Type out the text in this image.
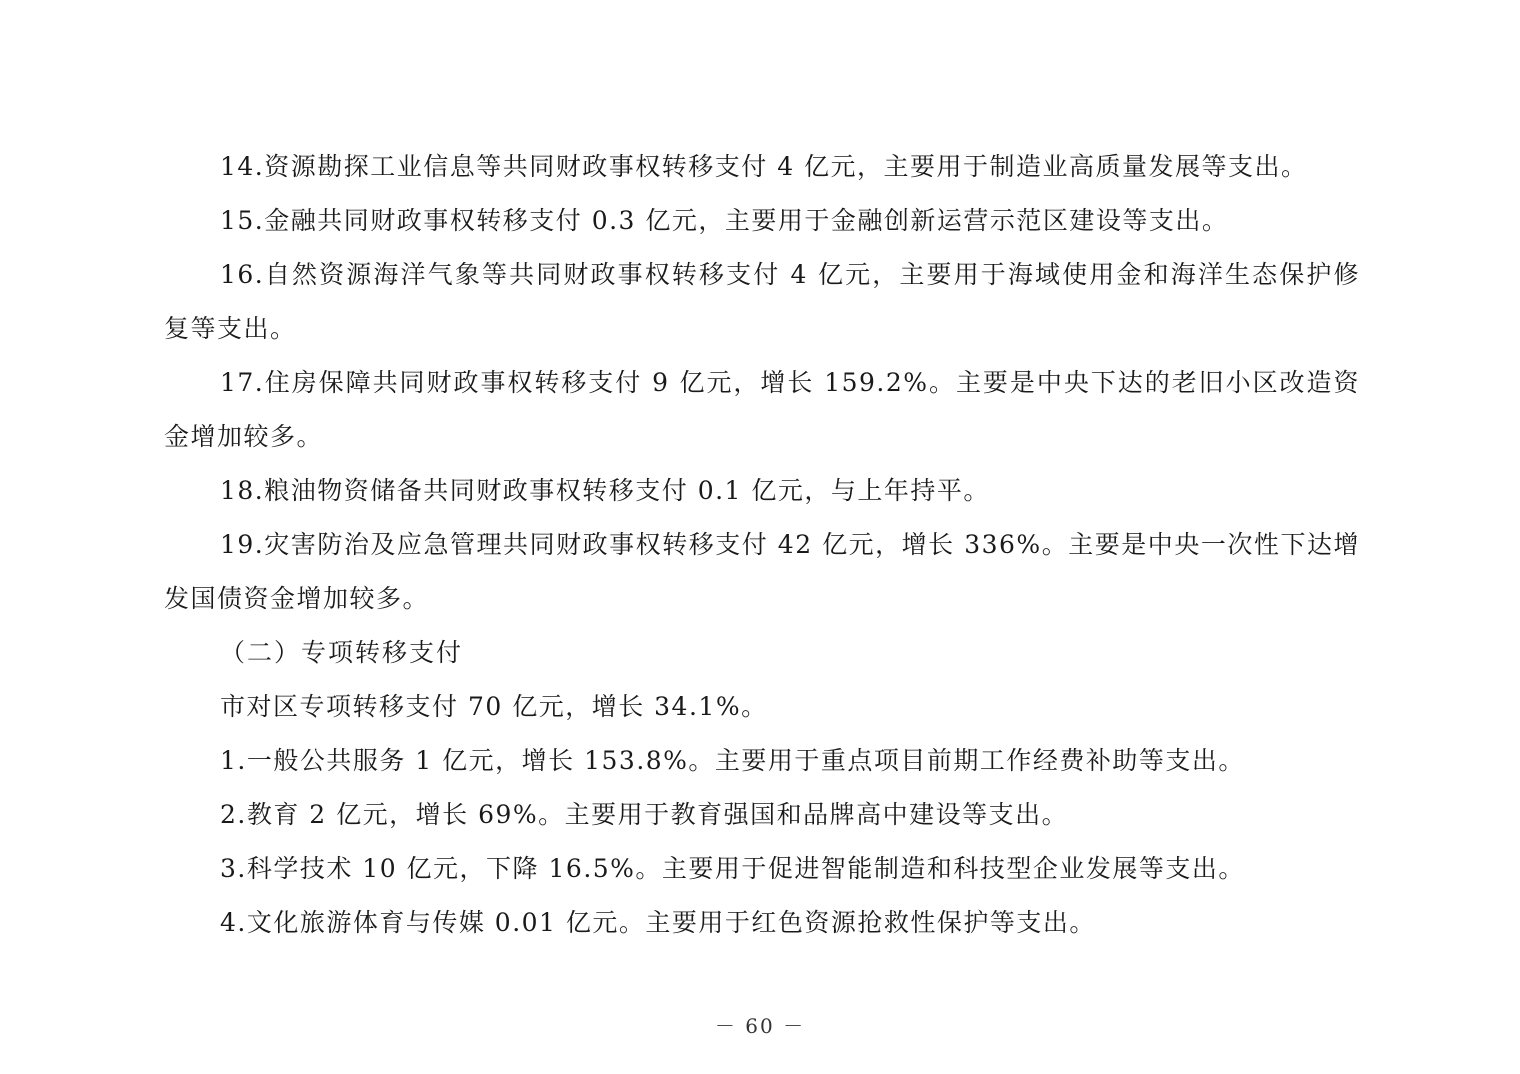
14.资源勘探工业信息等共同财政事权转移支付 4 亿元，主要用于制造业高质量发展等支出。

15.金融共同财政事权转移支付 0.3 亿元，主要用于金融创新运营示范区建设等支出。

16.自然资源海洋气象等共同财政事权转移支付 4 亿元，主要用于海域使用金和海洋生态保护修复等支出。

17.住房保障共同财政事权转移支付 9 亿元，增长 159.2%。主要是中央下达的老旧小区改造资金增加较多。

18.粮油物资储备共同财政事权转移支付 0.1 亿元，与上年持平。

19.灾害防治及应急管理共同财政事权转移支付 42 亿元，增长 336%。主要是中央一次性下达增发国债资金增加较多。

（二）专项转移支付

市对区专项转移支付 70 亿元，增长 34.1%。

1.一般公共服务 1 亿元，增长 153.8%。主要用于重点项目前期工作经费补助等支出。

2.教育 2 亿元，增长 69%。主要用于教育强国和品牌高中建设等支出。

3.科学技术 10 亿元，下降 16.5%。主要用于促进智能制造和科技型企业发展等支出。

4.文化旅游体育与传媒 0.01 亿元。主要用于红色资源抢救性保护等支出。

－ 60 －
